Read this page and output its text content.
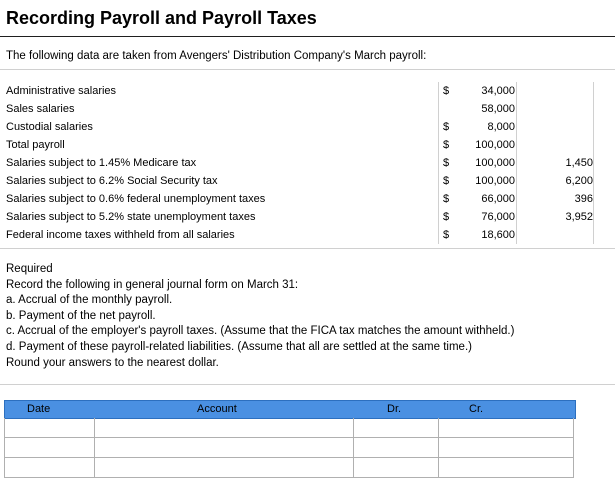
Recording Payroll and Payroll Taxes
The following data are taken from Avengers' Distribution Company's March payroll:
Administrative salaries	$	34,000
Sales salaries	58,000
Custodial salaries	$	8,000
Total payroll	$	100,000
Salaries subject to 1.45% Medicare tax	$	100,000	1,450
Salaries subject to 6.2% Social Security tax	$	100,000	6,200
Salaries subject to 0.6% federal unemployment taxes	$	66,000	396
Salaries subject to 5.2% state unemployment taxes	$	76,000	3,952
Federal income taxes withheld from all salaries	$	18,600
Required
Record the following in general journal form on March 31:
a. Accrual of the monthly payroll.
b. Payment of the net payroll.
c. Accrual of the employer's payroll taxes. (Assume that the FICA tax matches the amount withheld.)
d. Payment of these payroll-related liabilities. (Assume that all are settled at the same time.)
Round your answers to the nearest dollar.
Date	Account	Dr.	Cr.
